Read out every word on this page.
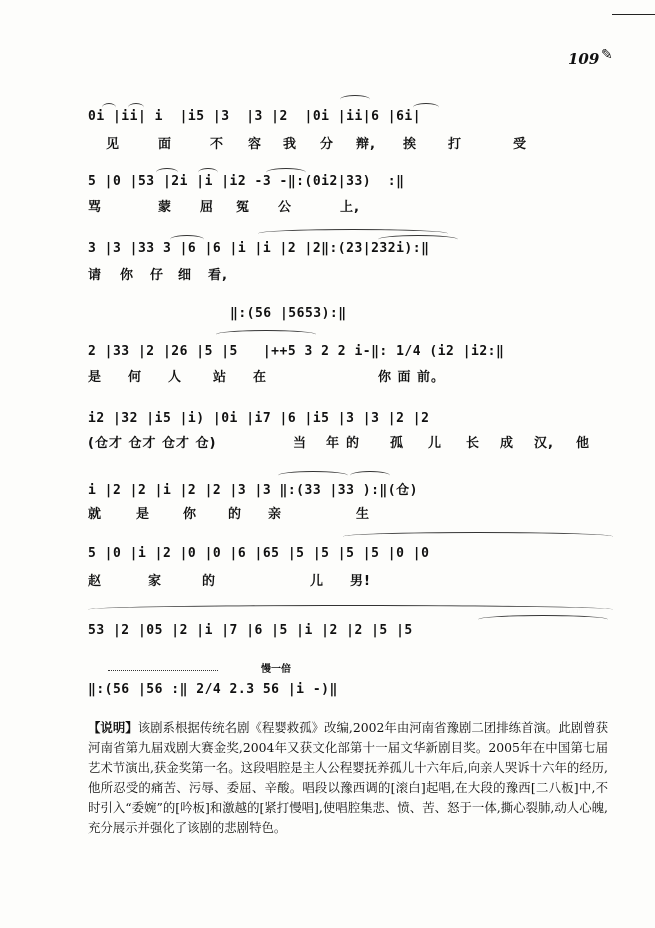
109 ✎

0i |ii| i  |i5 |3  |3 |2  |0i |ii|6 |6i|

见	面	不 容 我 分 辩, 挨 打	受

5 |0 |53 |2i |i |i2 -3 -‖:(0i2|33)  :‖

骂	蒙 屈 冤 公	上,

3 |3 |33 3 |6 |6 |i |i |2 |2‖:(23|232i):‖

请 你 仔 细 看,

‖:(56 |5653):‖

2 |33 |2 |26 |5 |5   |++5 3 2 2 i-‖: 1/4 (i2 |i2:‖

是 何 人 站 在	你 面 前。

i2 |32 |i5 |i) |0i |i7 |6 |i5 |3 |3 |2 |2

(仓才 仓才 仓才 仓)	当 年 的 孤 儿 长 成 汉, 他

i |2 |2 |i |2 |2 |3 |3 ‖:(33 |33 ):‖(仓)

就	是	你 的 亲	生

5 |0 |i |2 |0 |0 |6 |65 |5 |5 |5 |5 |0 |0

赵	家	的	儿 男!

53 |2 |05 |2 |i |7 |6 |5 |i |2 |2 |5 |5

慢一倍

‖:(56 |56 :‖ 2/4 2.3 56 |i -)‖

【说明】该剧系根据传统名剧《程婴救孤》改编,2002年由河南省豫剧二团排练首演。此剧曾获河南省第九届戏剧大赛金奖,2004年又获文化部第十一届文华新剧目奖。2005年在中国第七届艺术节演出,获金奖第一名。这段唱腔是主人公程婴抚养孤儿十六年后,向亲人哭诉十六年的经历,他所忍受的痛苦、污辱、委屈、辛酸。唱段以豫西调的[滚白]起唱,在大段的豫西[二八板]中,不时引入“委婉”的[吟板]和激越的[紧打慢唱],使唱腔集悲、愤、苦、怒于一体,撕心裂肺,动人心魄,充分展示并强化了该剧的悲剧特色。
